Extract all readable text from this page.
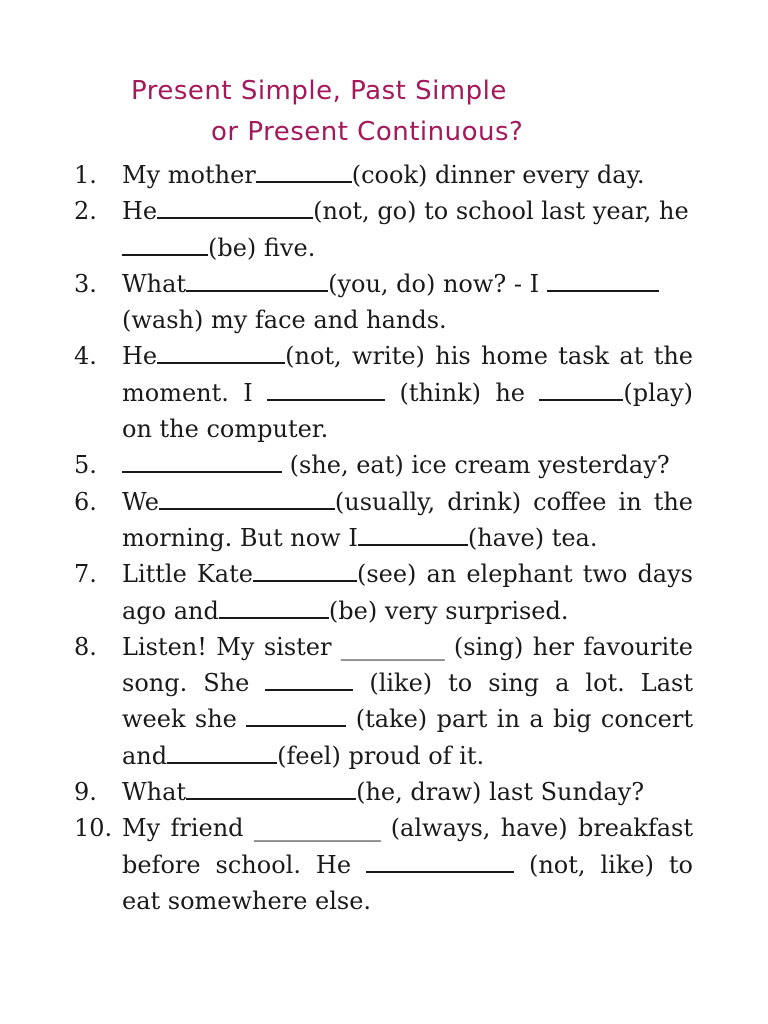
Present Simple, Past Simple
or Present Continuous?
1. My mother	(cook) dinner every day.
2. He	(not, go) to school last year, he(be) five.
3. What	(you, do) now? - I
(wash) my face and hands.
4. He	(not, write) his home task at the moment. I	(think) he	(play) on the computer.
5.	(she, eat) ice cream yesterday?
6. We	(usually, drink) coffee in the morning. But now I	(have) tea.
7. Little Kate	(see) an elephant two days ago and	(be) very surprised.
8. Listen! My sister _________ (sing) her favourite song. She	(like) to sing a lot. Last week she	(take) part in a big concert and	(feel) proud of it.
9. What	(he, draw) last Sunday?
10. My friend ___________ (always, have) breakfast before school. He	(not, like) to eat somewhere else.
